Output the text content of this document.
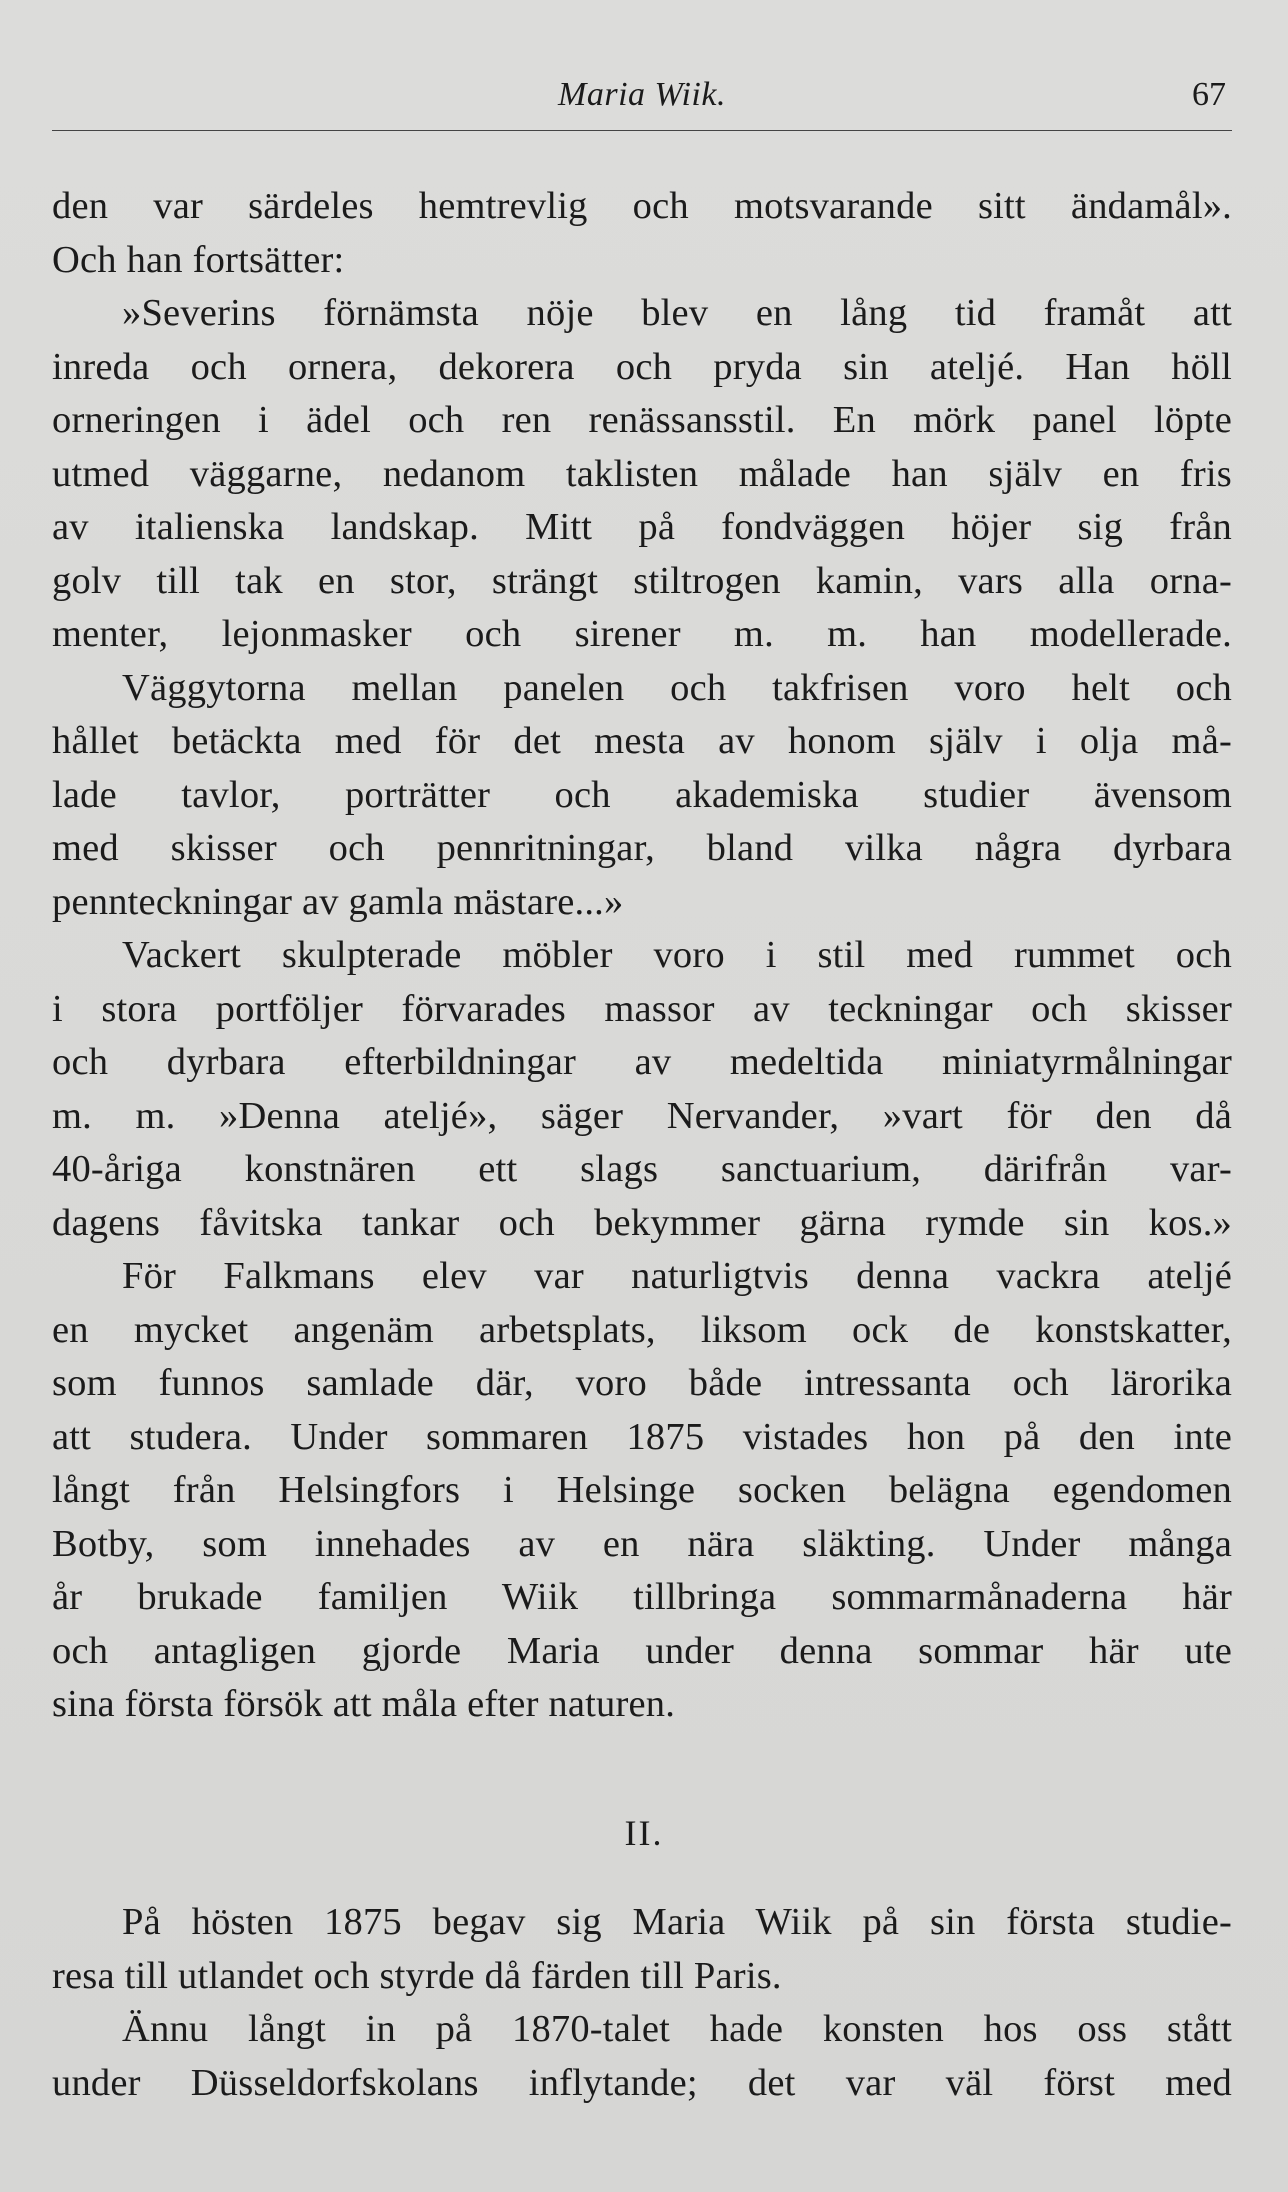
Maria Wiik.	67
den var särdeles hemtrevlig och motsvarande sitt ändamål».
Och han fortsätter:
»Severins förnämsta nöje blev en lång tid framåt att
inreda och ornera, dekorera och pryda sin ateljé. Han höll
orneringen i ädel och ren renässansstil. En mörk panel löpte
utmed väggarne, nedanom taklisten målade han själv en fris
av italienska landskap. Mitt på fondväggen höjer sig från
golv till tak en stor, strängt stiltrogen kamin, vars alla orna-
menter, lejonmasker och sirener m. m. han modellerade.
Väggytorna mellan panelen och takfrisen voro helt och
hållet betäckta med för det mesta av honom själv i olja må-
lade tavlor, porträtter och akademiska studier ävensom
med skisser och pennritningar, bland vilka några dyrbara
pennteckningar av gamla mästare...»
Vackert skulpterade möbler voro i stil med rummet och
i stora portföljer förvarades massor av teckningar och skisser
och dyrbara efterbildningar av medeltida miniatyrmålningar
m. m. »Denna ateljé», säger Nervander, »vart för den då
40-åriga konstnären ett slags sanctuarium, därifrån var-
dagens fåvitska tankar och bekymmer gärna rymde sin kos.»
För Falkmans elev var naturligtvis denna vackra ateljé
en mycket angenäm arbetsplats, liksom ock de konstskatter,
som funnos samlade där, voro både intressanta och lärorika
att studera. Under sommaren 1875 vistades hon på den inte
långt från Helsingfors i Helsinge socken belägna egendomen
Botby, som innehades av en nära släkting. Under många
år brukade familjen Wiik tillbringa sommarmånaderna här
och antagligen gjorde Maria under denna sommar här ute
sina första försök att måla efter naturen.
II.
På hösten 1875 begav sig Maria Wiik på sin första studie-
resa till utlandet och styrde då färden till Paris.
Ännu långt in på 1870-talet hade konsten hos oss stått
under Düsseldorfskolans inflytande; det var väl först med
